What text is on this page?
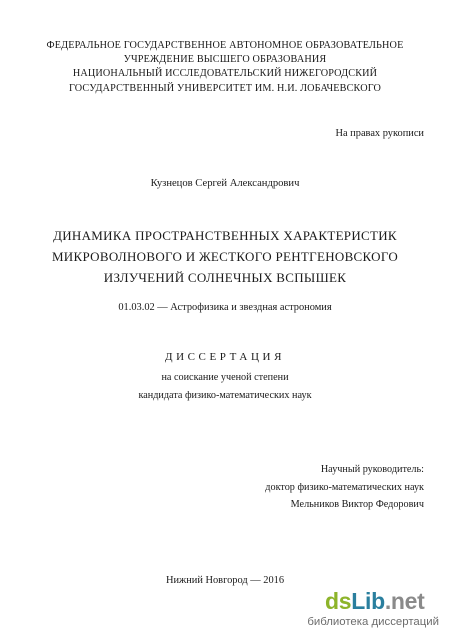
ФЕДЕРАЛЬНОЕ ГОСУДАРСТВЕННОЕ АВТОНОМНОЕ ОБРАЗОВАТЕЛЬНОЕ
УЧРЕЖДЕНИЕ ВЫСШЕГО ОБРАЗОВАНИЯ
НАЦИОНАЛЬНЫЙ ИССЛЕДОВАТЕЛЬСКИЙ НИЖЕГОРОДСКИЙ
ГОСУДАРСТВЕННЫЙ УНИВЕРСИТЕТ ИМ. Н.И. ЛОБАЧЕВСКОГО
На правах рукописи
Кузнецов Сергей Александрович
ДИНАМИКА ПРОСТРАНСТВЕННЫХ ХАРАКТЕРИСТИК
МИКРОВОЛНОВОГО И ЖЕСТКОГО РЕНТГЕНОВСКОГО
ИЗЛУЧЕНИЙ СОЛНЕЧНЫХ ВСПЫШЕК
01.03.02 — Астрофизика и звездная астрономия
ДИССЕРТАЦИЯ
на соискание ученой степени
кандидата физико-математических наук
Научный руководитель:
доктор физико-математических наук
Мельников Виктор Федорович
Нижний Новгород — 2016
dsLib.net
библиотека диссертаций
